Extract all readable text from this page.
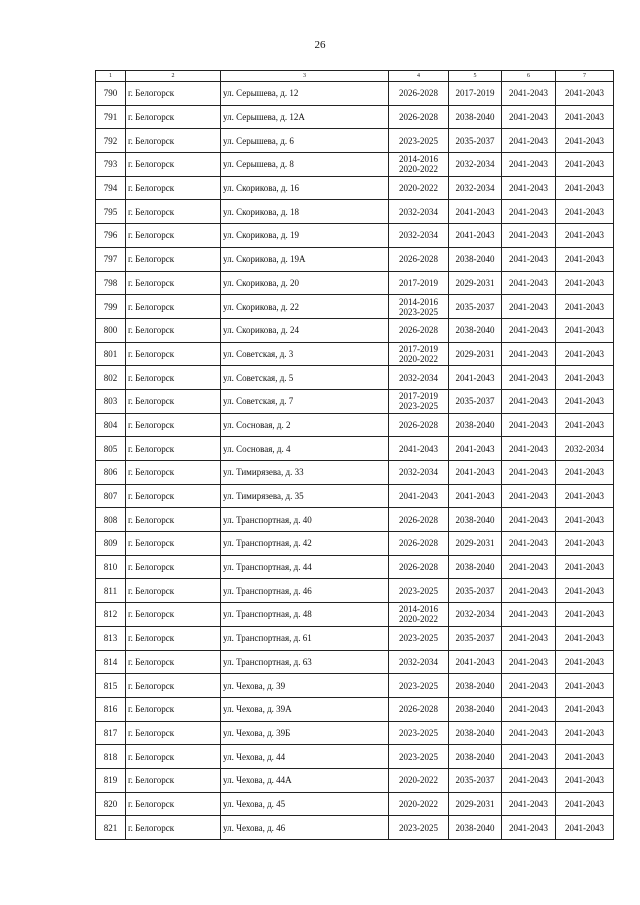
26
1	2	3	4	5	6	7
790	г. Белогорск	ул. Серышева, д. 12	2026-2028	2017-2019	2041-2043	2041-2043
791	г. Белогорск	ул. Серышева, д. 12А	2026-2028	2038-2040	2041-2043	2041-2043
792	г. Белогорск	ул. Серышева, д. 6	2023-2025	2035-2037	2041-2043	2041-2043
793	г. Белогорск	ул. Серышева, д. 8	2014-2016
2020-2022	2032-2034	2041-2043	2041-2043
794	г. Белогорск	ул. Скорикова, д. 16	2020-2022	2032-2034	2041-2043	2041-2043
795	г. Белогорск	ул. Скорикова, д. 18	2032-2034	2041-2043	2041-2043	2041-2043
796	г. Белогорск	ул. Скорикова, д. 19	2032-2034	2041-2043	2041-2043	2041-2043
797	г. Белогорск	ул. Скорикова, д. 19А	2026-2028	2038-2040	2041-2043	2041-2043
798	г. Белогорск	ул. Скорикова, д. 20	2017-2019	2029-2031	2041-2043	2041-2043
799	г. Белогорск	ул. Скорикова, д. 22	2014-2016
2023-2025	2035-2037	2041-2043	2041-2043
800	г. Белогорск	ул. Скорикова, д. 24	2026-2028	2038-2040	2041-2043	2041-2043
801	г. Белогорск	ул. Советская, д. 3	2017-2019
2020-2022	2029-2031	2041-2043	2041-2043
802	г. Белогорск	ул. Советская, д. 5	2032-2034	2041-2043	2041-2043	2041-2043
803	г. Белогорск	ул. Советская, д. 7	2017-2019
2023-2025	2035-2037	2041-2043	2041-2043
804	г. Белогорск	ул. Сосновая, д. 2	2026-2028	2038-2040	2041-2043	2041-2043
805	г. Белогорск	ул. Сосновая, д. 4	2041-2043	2041-2043	2041-2043	2032-2034
806	г. Белогорск	ул. Тимирязева, д. 33	2032-2034	2041-2043	2041-2043	2041-2043
807	г. Белогорск	ул. Тимирязева, д. 35	2041-2043	2041-2043	2041-2043	2041-2043
808	г. Белогорск	ул. Транспортная, д. 40	2026-2028	2038-2040	2041-2043	2041-2043
809	г. Белогорск	ул. Транспортная, д. 42	2026-2028	2029-2031	2041-2043	2041-2043
810	г. Белогорск	ул. Транспортная, д. 44	2026-2028	2038-2040	2041-2043	2041-2043
811	г. Белогорск	ул. Транспортная, д. 46	2023-2025	2035-2037	2041-2043	2041-2043
812	г. Белогорск	ул. Транспортная, д. 48	2014-2016
2020-2022	2032-2034	2041-2043	2041-2043
813	г. Белогорск	ул. Транспортная, д. 61	2023-2025	2035-2037	2041-2043	2041-2043
814	г. Белогорск	ул. Транспортная, д. 63	2032-2034	2041-2043	2041-2043	2041-2043
815	г. Белогорск	ул. Чехова, д. 39	2023-2025	2038-2040	2041-2043	2041-2043
816	г. Белогорск	ул. Чехова, д. 39А	2026-2028	2038-2040	2041-2043	2041-2043
817	г. Белогорск	ул. Чехова, д. 39Б	2023-2025	2038-2040	2041-2043	2041-2043
818	г. Белогорск	ул. Чехова, д. 44	2023-2025	2038-2040	2041-2043	2041-2043
819	г. Белогорск	ул. Чехова, д. 44А	2020-2022	2035-2037	2041-2043	2041-2043
820	г. Белогорск	ул. Чехова, д. 45	2020-2022	2029-2031	2041-2043	2041-2043
821	г. Белогорск	ул. Чехова, д. 46	2023-2025	2038-2040	2041-2043	2041-2043
